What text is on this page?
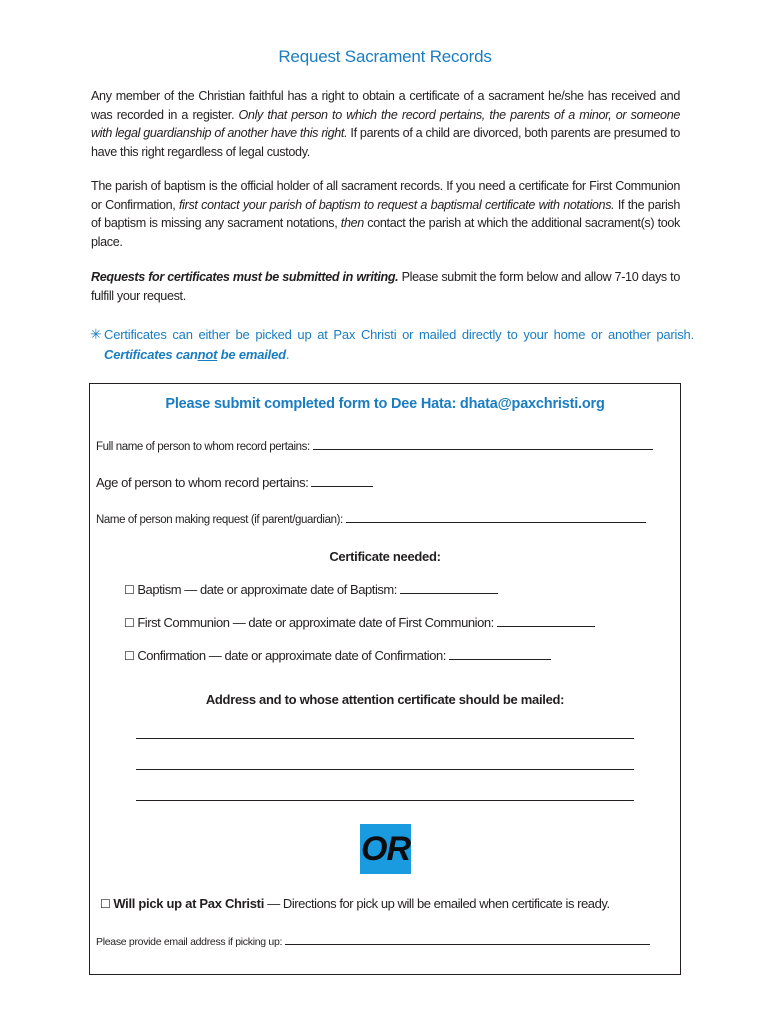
Request Sacrament Records
Any member of the Christian faithful has a right to obtain a certificate of a sacrament he/she has received and was recorded in a register. Only that person to which the record pertains, the parents of a minor, or someone with legal guardianship of another have this right. If parents of a child are divorced, both parents are presumed to have this right regardless of legal custody.
The parish of baptism is the official holder of all sacrament records. If you need a certificate for First Communion or Confirmation, first contact your parish of baptism to request a baptismal certificate with notations. If the parish of baptism is missing any sacrament notations, then contact the parish at which the additional sacrament(s) took place.
Requests for certificates must be submitted in writing. Please submit the form below and allow 7-10 days to fulfill your request.
✳ Certificates can either be picked up at Pax Christi or mailed directly to your home or another parish. Certificates cannot be emailed.
Please submit completed form to Dee Hata: dhata@paxchristi.org
Full name of person to whom record pertains:
Age of person to whom record pertains:
Name of person making request (if parent/guardian):
Certificate needed:
☐ Baptism — date or approximate date of Baptism:
☐ First Communion — date or approximate date of First Communion:
☐ Confirmation — date or approximate date of Confirmation:
Address and to whose attention certificate should be mailed:
OR
☐ Will pick up at Pax Christi — Directions for pick up will be emailed when certificate is ready.
Please provide email address if picking up:
